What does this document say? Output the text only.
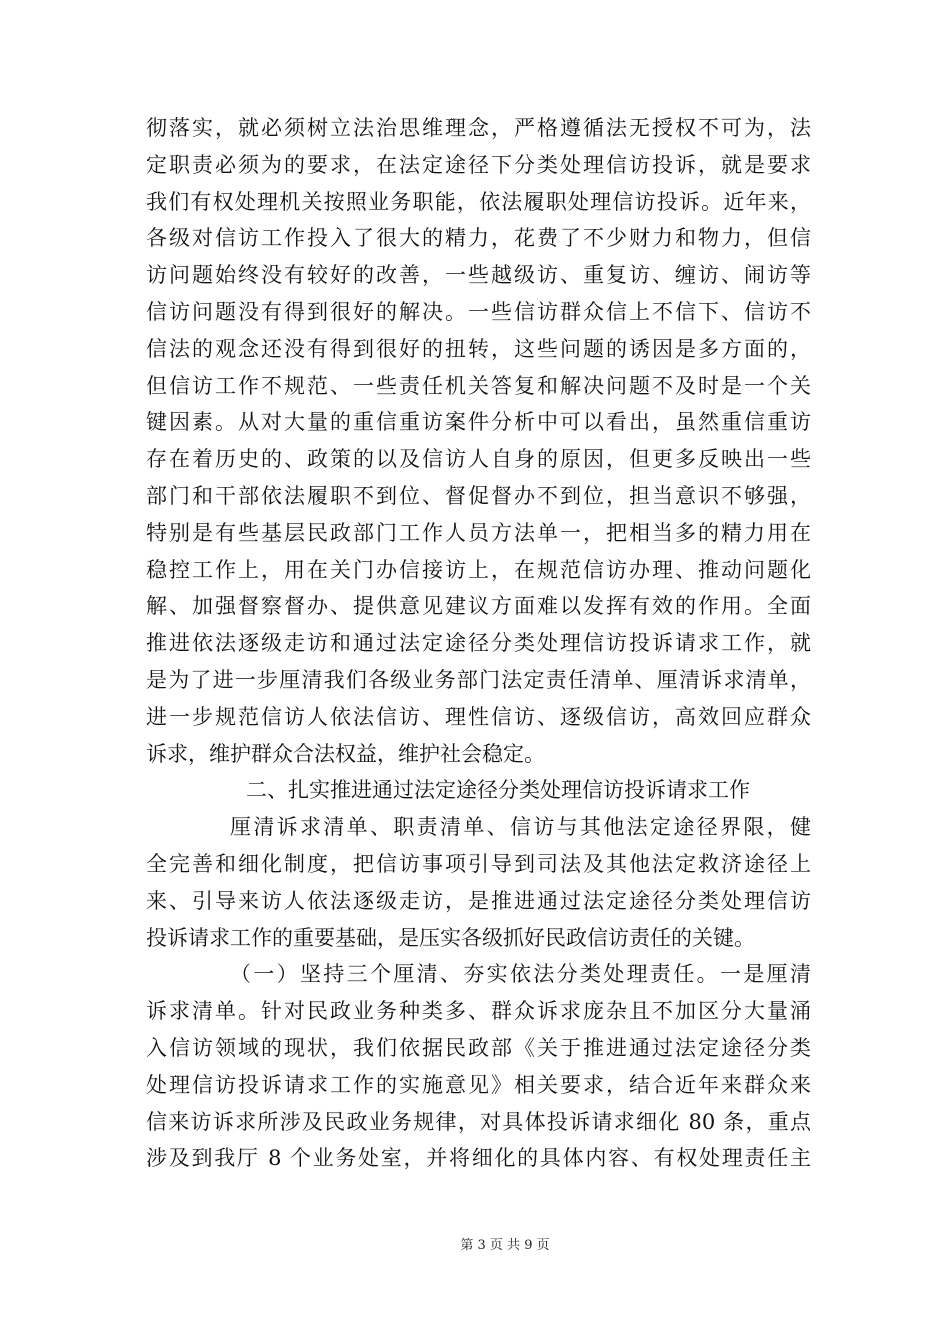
彻落实，就必须树立法治思维理念，严格遵循法无授权不可为，法
定职责必须为的要求，在法定途径下分类处理信访投诉，就是要求
我们有权处理机关按照业务职能，依法履职处理信访投诉。近年来，
各级对信访工作投入了很大的精力，花费了不少财力和物力，但信
访问题始终没有较好的改善，一些越级访、重复访、缠访、闹访等
信访问题没有得到很好的解决。一些信访群众信上不信下、信访不
信法的观念还没有得到很好的扭转，这些问题的诱因是多方面的，
但信访工作不规范、一些责任机关答复和解决问题不及时是一个关
键因素。从对大量的重信重访案件分析中可以看出，虽然重信重访
存在着历史的、政策的以及信访人自身的原因，但更多反映出一些
部门和干部依法履职不到位、督促督办不到位，担当意识不够强，
特别是有些基层民政部门工作人员方法单一，把相当多的精力用在
稳控工作上，用在关门办信接访上，在规范信访办理、推动问题化
解、加强督察督办、提供意见建议方面难以发挥有效的作用。全面
推进依法逐级走访和通过法定途径分类处理信访投诉请求工作，就
是为了进一步厘清我们各级业务部门法定责任清单、厘清诉求清单，
进一步规范信访人依法信访、理性信访、逐级信访，高效回应群众
诉求，维护群众合法权益，维护社会稳定。
二、扎实推进通过法定途径分类处理信访投诉请求工作
厘清诉求清单、职责清单、信访与其他法定途径界限，健
全完善和细化制度，把信访事项引导到司法及其他法定救济途径上
来、引导来访人依法逐级走访，是推进通过法定途径分类处理信访
投诉请求工作的重要基础，是压实各级抓好民政信访责任的关键。
（一）坚持三个厘清、夯实依法分类处理责任。一是厘清
诉求清单。针对民政业务种类多、群众诉求庞杂且不加区分大量涌
入信访领域的现状，我们依据民政部《关于推进通过法定途径分类
处理信访投诉请求工作的实施意见》相关要求，结合近年来群众来
信来访诉求所涉及民政业务规律，对具体投诉请求细化 80 条，重点
涉及到我厅 8 个业务处室，并将细化的具体内容、有权处理责任主
第 3 页 共 9 页
